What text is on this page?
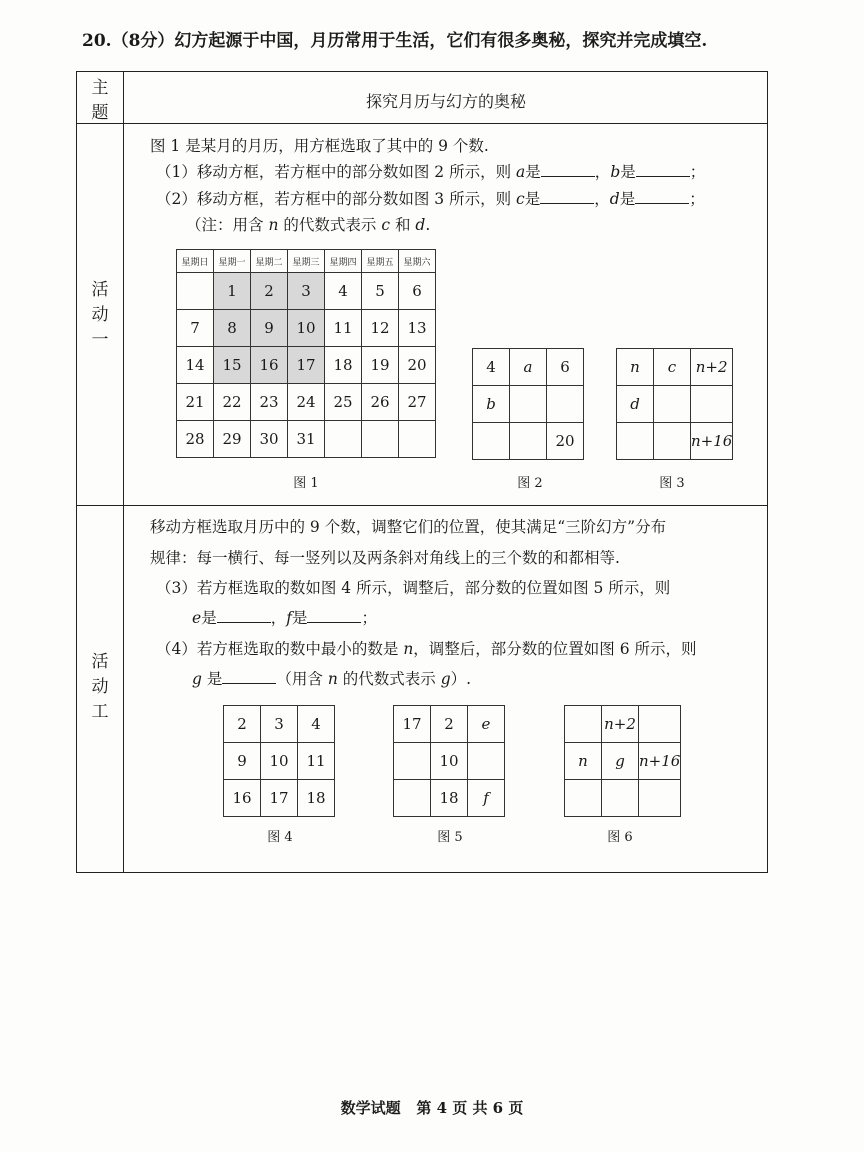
20.（8分）幻方起源于中国，月历常用于生活，它们有很多奥秘，探究并完成填空.
主
题
探究月历与幻方的奥秘
活
动
一
活
动
工
图 1 是某月的月历，用方框选取了其中的 9 个数.
（1）移动方框，若方框中的部分数如图 2 所示，则 a是	，b是	；
（2）移动方框，若方框中的部分数如图 3 所示，则 c是	，d是	；
（注：用含 n 的代数式表示 c 和 d.
星期日	星期一	星期二	星期三	星期四	星期五	星期六
	1	2	3	4	5	6
7	8	9	10	11	12	13
14	15	16	17	18	19	20
21	22	23	24	25	26	27
28	29	30	31			
图 1
4	a	6
b		
		20
图 2
n	c	n+2
d		
		n+16
图 3
移动方框选取月历中的 9 个数，调整它们的位置，使其满足“三阶幻方”分布
规律：每一横行、每一竖列以及两条斜对角线上的三个数的和都相等.
（3）若方框选取的数如图 4 所示，调整后，部分数的位置如图 5 所示，则
e是	，f是	；
（4）若方框选取的数中最小的数是 n，调整后，部分数的位置如图 6 所示，则
g 是	（用含 n 的代数式表示 g）.
2	3	4
9	10	11
16	17	18
图 4
17	2	e
	10	
	18	f
图 5
	n+2	
n	g	n+16

图 6
数学试题 第 4 页 共 6 页
